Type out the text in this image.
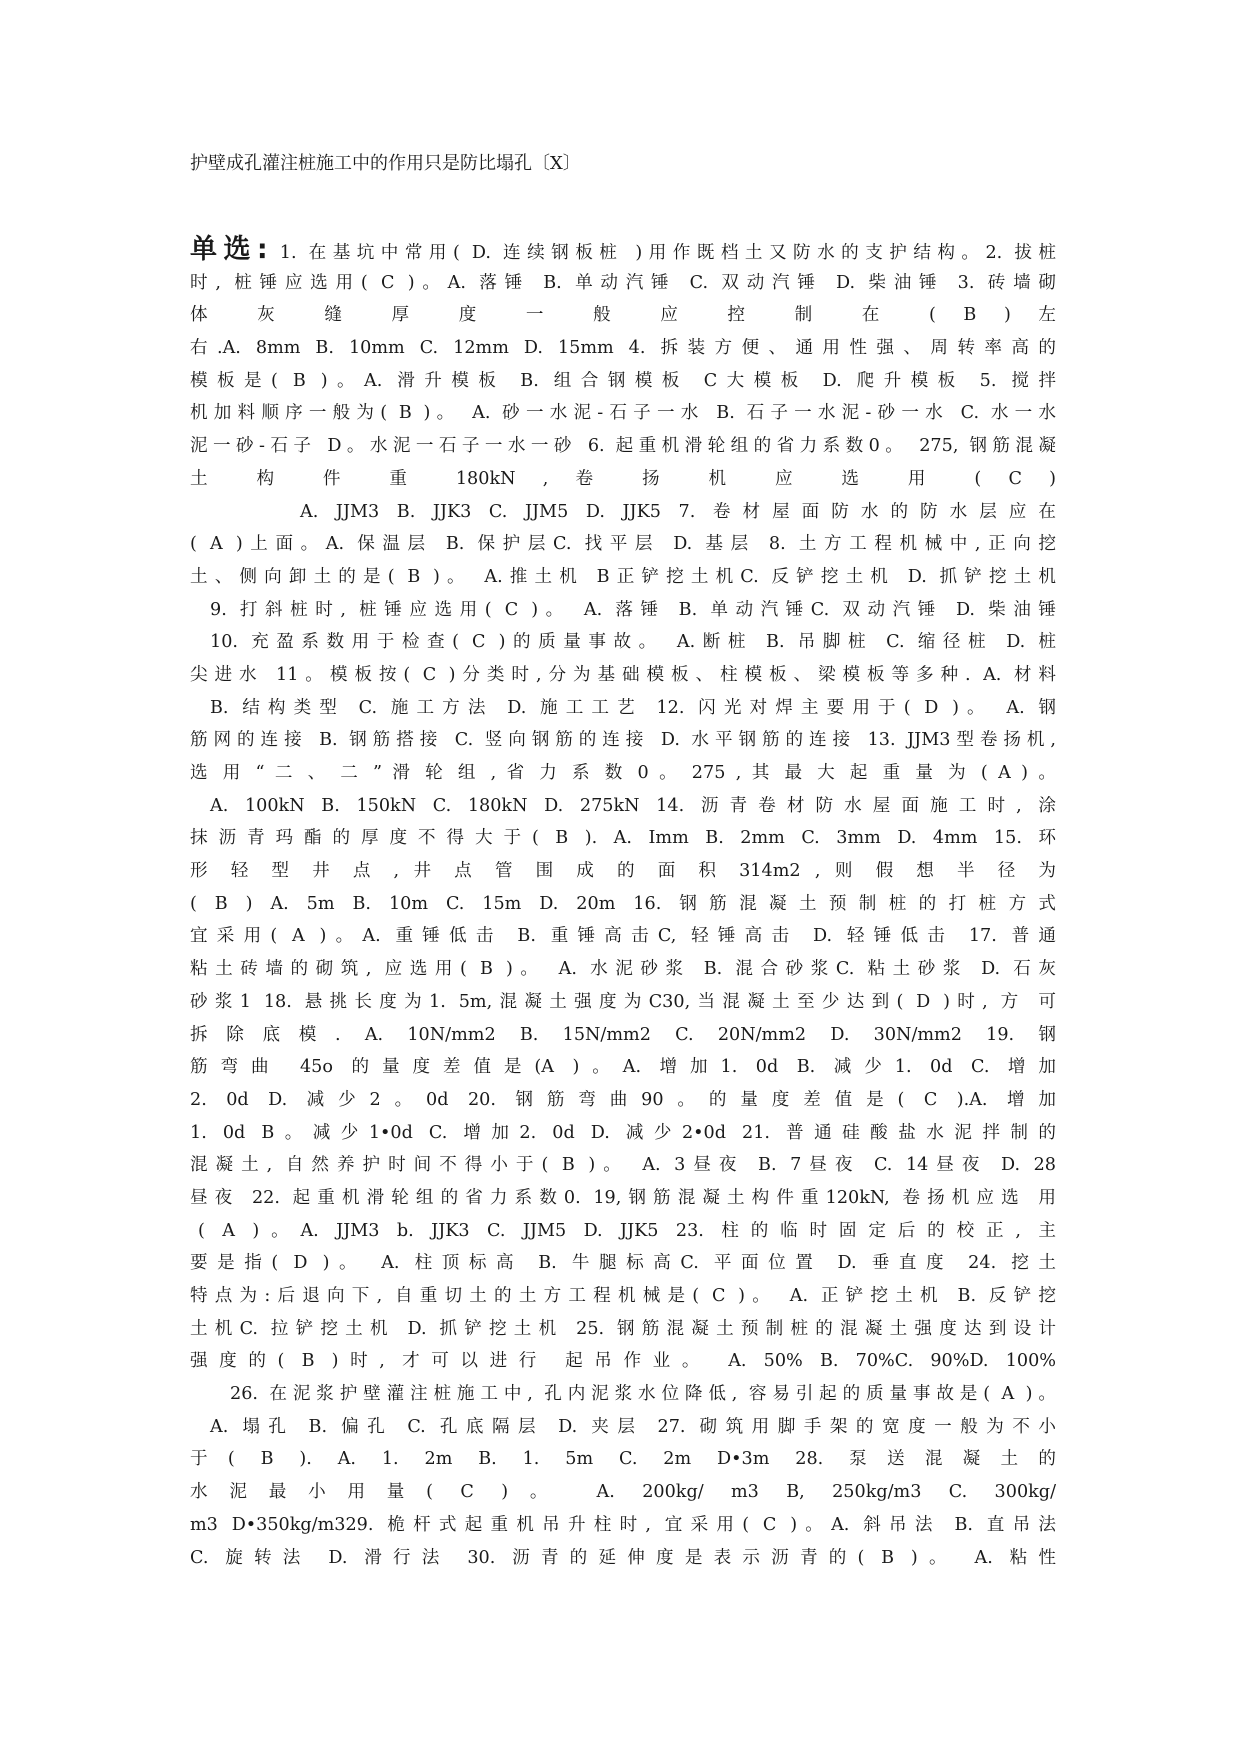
护壁成孔灌注桩施工中的作用只是防比塌孔〔X〕
单选: 1. 在基坑中常用( D. 连续钢板桩 )用作既档土又防水的支护结构。2. 拔桩
时, 桩锤应选用( C )。A. 落锤 B. 单动汽锤 C. 双动汽锤 D. 柴油锤 3. 砖墙砌
体 灰 缝 厚 度 一 般 应 控 制 在 ( B ) 左
右.A. 8mm B. 10mm C. 12mm D. 15mm 4. 拆装方便、通用性强、周转率高的
模板是( B )。A. 滑升模板 B. 组合钢模板 C大模板 D. 爬升模板 5. 搅拌
机加料顺序一般为( B )。 A. 砂一水泥-石子一水 B. 石子一水泥-砂一水 C. 水一水
泥一砂-石子 D。水泥一石子一水一砂 6. 起重机滑轮组的省力系数0。 275, 钢筋混凝
土 构 件 重 180kN , 卷 扬 机 应 选 用 ( C )
A. JJM3 B. JJK3 C. JJM5 D. JJK5 7. 卷材屋面防水的防水层应在
( A )上面。A. 保温层 B. 保护层C. 找平层 D. 基层 8. 土方工程机械中,正向挖
土、侧向卸土的是( B )。 A.推土机 B正铲挖土机C. 反铲挖土机 D. 抓铲挖土机
9. 打斜桩时, 桩锤应选用( C )。 A. 落锤 B. 单动汽锤C. 双动汽锤 D. 柴油锤
10. 充盈系数用于检查( C )的质量事故。 A.断桩 B. 吊脚桩 C. 缩径桩 D. 桩
尖进水 11。模板按( C )分类时,分为基础模板、柱模板、梁模板等多种. A. 材料
B. 结构类型 C. 施工方法 D. 施工工艺 12. 闪光对焊主要用于( D )。 A. 钢
筋网的连接 B. 钢筋搭接 C. 竖向钢筋的连接 D. 水平钢筋的连接 13. JJM3型卷扬机,
选 用 “ 二 、 二 ” 滑 轮 组 , 省 力 系 数 0 。 275 , 其 最 大 起 重 量 为 ( A ) 。
A. 100kN B. 150kN C. 180kN D. 275kN 14. 沥青卷材防水屋面施工时, 涂
抹沥青玛酯的厚度不得大于( B ). A. Imm B. 2mm C. 3mm D. 4mm 15. 环
形 轻 型 井 点 , 井 点 管 围 成 的 面 积 314m2 , 则 假 想 半 径 为
( B ) A. 5m B. 10m C. 15m D. 20m 16. 钢筋混凝土预制桩的打桩方式
宜采用( A )。A. 重锤低击 B. 重锤高击C, 轻锤高击 D. 轻锤低击 17. 普通
粘土砖墙的砌筑, 应选用( B )。 A. 水泥砂浆 B. 混合砂浆C. 粘土砂浆 D. 石灰
砂浆1 18. 悬挑长度为1. 5m,混凝土强度为C30,当混凝土至少达到( D )时, 方 可
拆除底模. A. 10N/mm2 B. 15N/mm2 C. 20N/mm2 D. 30N/mm2 19. 钢
筋弯曲 45o 的量度差值是(A )。A. 增加1. 0d B. 减少1. 0d C. 增加
2. 0d D. 减少2。0d 20. 钢筋弯曲90。的量度差值是( C ).A. 增加
1. 0d B。减少1•0d C. 增加2. 0d D. 减少2•0d 21. 普通硅酸盐水泥拌制的
混凝土, 自然养护时间不得小于( B )。 A. 3昼夜 B. 7昼夜 C. 14昼夜 D. 28
昼夜 22. 起重机滑轮组的省力系数0. 19,钢筋混凝土构件重120kN, 卷扬机应选 用
( A )。A. JJM3 b. JJK3 C. JJM5 D. JJK5 23. 柱的临时固定后的校正, 主
要是指( D )。 A. 柱顶标高 B. 牛腿标高C. 平面位置 D. 垂直度 24. 挖土
特点为:后退向下, 自重切土的土方工程机械是( C )。 A. 正铲挖土机 B. 反铲挖
土机C. 拉铲挖土机 D. 抓铲挖土机 25. 钢筋混凝土预制桩的混凝土强度达到设计
强度的( B )时, 才可以进行 起吊作业。 A. 50% B. 70%C. 90%D. 100%
26. 在泥浆护壁灌注桩施工中, 孔内泥浆水位降低, 容易引起的质量事故是( A )。
A. 塌孔 B. 偏孔 C. 孔底隔层 D. 夹层 27. 砌筑用脚手架的宽度一般为不小
于( B ). A. 1. 2m B. 1. 5m C. 2m D•3m 28. 泵送混凝土的
水泥最小用量( C )。 A. 200kg/ m3 B, 250kg/m3 C. 300kg/
m3 D•350kg/m329. 桅杆式起重机吊升柱时, 宜采用( C )。A. 斜吊法 B. 直吊法
C. 旋转法 D. 滑行法 30. 沥青的延伸度是表示沥青的( B )。 A. 粘性
